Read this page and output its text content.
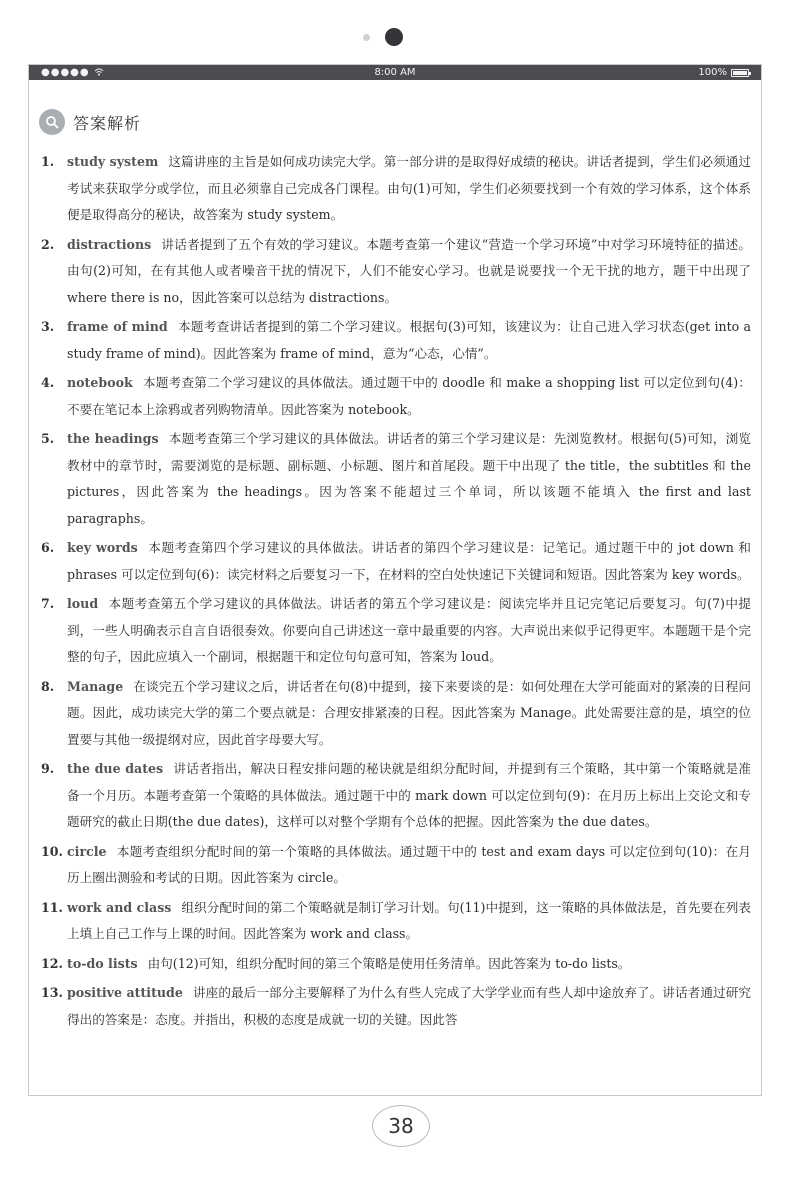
●●●●●	8:00 AM	100%
答案解析
1. study system 这篇讲座的主旨是如何成功读完大学。第一部分讲的是取得好成绩的秘诀。讲话者提到，学生们必须通过考试来获取学分或学位，而且必须靠自己完成各门课程。由句(1)可知，学生们必须要找到一个有效的学习体系，这个体系便是取得高分的秘诀，故答案为 study system。
2. distractions 讲话者提到了五个有效的学习建议。本题考查第一个建议“营造一个学习环境”中对学习环境特征的描述。由句(2)可知，在有其他人或者噪音干扰的情况下，人们不能安心学习。也就是说要找一个无干扰的地方，题干中出现了 where there is no，因此答案可以总结为 distractions。
3. frame of mind 本题考查讲话者提到的第二个学习建议。根据句(3)可知，该建议为：让自己进入学习状态(get into a study frame of mind)。因此答案为 frame of mind，意为“心态，心情”。
4. notebook 本题考查第二个学习建议的具体做法。通过题干中的 doodle 和 make a shopping list 可以定位到句(4)：不要在笔记本上涂鸦或者列购物清单。因此答案为 notebook。
5. the headings 本题考查第三个学习建议的具体做法。讲话者的第三个学习建议是：先浏览教材。根据句(5)可知，浏览教材中的章节时，需要浏览的是标题、副标题、小标题、图片和首尾段。题干中出现了 the title，the subtitles 和 the pictures，因此答案为 the headings。因为答案不能超过三个单词，所以该题不能填入 the first and last paragraphs。
6. key words 本题考查第四个学习建议的具体做法。讲话者的第四个学习建议是：记笔记。通过题干中的 jot down 和 phrases 可以定位到句(6)：读完材料之后要复习一下，在材料的空白处快速记下关键词和短语。因此答案为 key words。
7. loud 本题考查第五个学习建议的具体做法。讲话者的第五个学习建议是：阅读完毕并且记完笔记后要复习。句(7)中提到，一些人明确表示自言自语很奏效。你要向自己讲述这一章中最重要的内容。大声说出来似乎记得更牢。本题题干是个完整的句子，因此应填入一个副词，根据题干和定位句句意可知，答案为 loud。
8. Manage 在谈完五个学习建议之后，讲话者在句(8)中提到，接下来要谈的是：如何处理在大学可能面对的紧凑的日程问题。因此，成功读完大学的第二个要点就是：合理安排紧凑的日程。因此答案为 Manage。此处需要注意的是，填空的位置要与其他一级提纲对应，因此首字母要大写。
9. the due dates 讲话者指出，解决日程安排问题的秘诀就是组织分配时间，并提到有三个策略，其中第一个策略就是准备一个月历。本题考查第一个策略的具体做法。通过题干中的 mark down 可以定位到句(9)：在月历上标出上交论文和专题研究的截止日期(the due dates)，这样可以对整个学期有个总体的把握。因此答案为 the due dates。
10. circle 本题考查组织分配时间的第一个策略的具体做法。通过题干中的 test and exam days 可以定位到句(10)：在月历上圈出测验和考试的日期。因此答案为 circle。
11. work and class 组织分配时间的第二个策略就是制订学习计划。句(11)中提到，这一策略的具体做法是，首先要在列表上填上自己工作与上课的时间。因此答案为 work and class。
12. to-do lists 由句(12)可知，组织分配时间的第三个策略是使用任务清单。因此答案为 to-do lists。
13. positive attitude 讲座的最后一部分主要解释了为什么有些人完成了大学学业而有些人却中途放弃了。讲话者通过研究得出的答案是：态度。并指出，积极的态度是成就一切的关键。因此答
38
